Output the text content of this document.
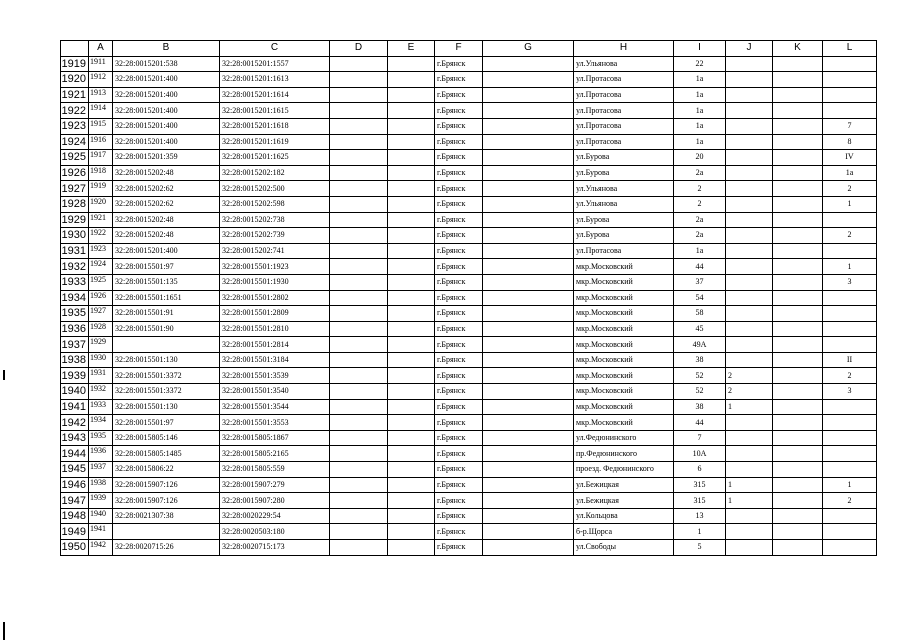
	A	B	C	D	E	F	G	H	I	J	K	L
1919	1911	32:28:0015201:538	32:28:0015201:1557			г.Брянск		ул.Ульянова	22			
1920	1912	32:28:0015201:400	32:28:0015201:1613			г.Брянск		ул.Протасова	1а			
1921	1913	32:28:0015201:400	32:28:0015201:1614			г.Брянск		ул.Протасова	1а			
1922	1914	32:28:0015201:400	32:28:0015201:1615			г.Брянск		ул.Протасова	1а			
1923	1915	32:28:0015201:400	32:28:0015201:1618			г.Брянск		ул.Протасова	1а			7
1924	1916	32:28:0015201:400	32:28:0015201:1619			г.Брянск		ул.Протасова	1а			8
1925	1917	32:28:0015201:359	32:28:0015201:1625			г.Брянск		ул.Бурова	20			IV
1926	1918	32:28:0015202:48	32:28:0015202:182			г.Брянск		ул.Бурова	2а			1а
1927	1919	32:28:0015202:62	32:28:0015202:500			г.Брянск		ул.Ульянова	2			2
1928	1920	32:28:0015202:62	32:28:0015202:598			г.Брянск		ул.Ульянова	2			1
1929	1921	32:28:0015202:48	32:28:0015202:738			г.Брянск		ул.Бурова	2а			
1930	1922	32:28:0015202:48	32:28:0015202:739			г.Брянск		ул.Бурова	2а			2
1931	1923	32:28:0015201:400	32:28:0015202:741			г.Брянск		ул.Протасова	1а			
1932	1924	32:28:0015501:97	32:28:0015501:1923			г.Брянск		мкр.Московский	44			1
1933	1925	32:28:0015501:135	32:28:0015501:1930			г.Брянск		мкр.Московский	37			3
1934	1926	32:28:0015501:1651	32:28:0015501:2802			г.Брянск		мкр.Московский	54			
1935	1927	32:28:0015501:91	32:28:0015501:2809			г.Брянск		мкр.Московский	58			
1936	1928	32:28:0015501:90	32:28:0015501:2810			г.Брянск		мкр.Московский	45			
1937	1929		32:28:0015501:2814			г.Брянск		мкр.Московский	49А			
1938	1930	32:28:0015501:130	32:28:0015501:3184			г.Брянск		мкр.Московский	38			II
1939	1931	32:28:0015501:3372	32:28:0015501:3539			г.Брянск		мкр.Московский	52	2		2
1940	1932	32:28:0015501:3372	32:28:0015501:3540			г.Брянск		мкр.Московский	52	2		3
1941	1933	32:28:0015501:130	32:28:0015501:3544			г.Брянск		мкр.Московский	38	1		
1942	1934	32:28:0015501:97	32:28:0015501:3553			г.Брянск		мкр.Московский	44			
1943	1935	32:28:0015805:146	32:28:0015805:1867			г.Брянск		ул.Федюнинского	7			
1944	1936	32:28:0015805:1485	32:28:0015805:2165			г.Брянск		пр.Федюнинского	10А			
1945	1937	32:28:0015806:22	32:28:0015805:559			г.Брянск		проезд. Федюнинского	6			
1946	1938	32:28:0015907:126	32:28:0015907:279			г.Брянск		ул.Бежицкая	315	1		1
1947	1939	32:28:0015907:126	32:28:0015907:280			г.Брянск		ул.Бежицкая	315	1		2
1948	1940	32:28:0021307:38	32:28:0020229:54			г.Брянск		ул.Кольцова	13			
1949	1941		32:28:0020503:180			г.Брянск		б-р.Щорса	1			
1950	1942	32:28:0020715:26	32:28:0020715:173			г.Брянск		ул.Свободы	5			
